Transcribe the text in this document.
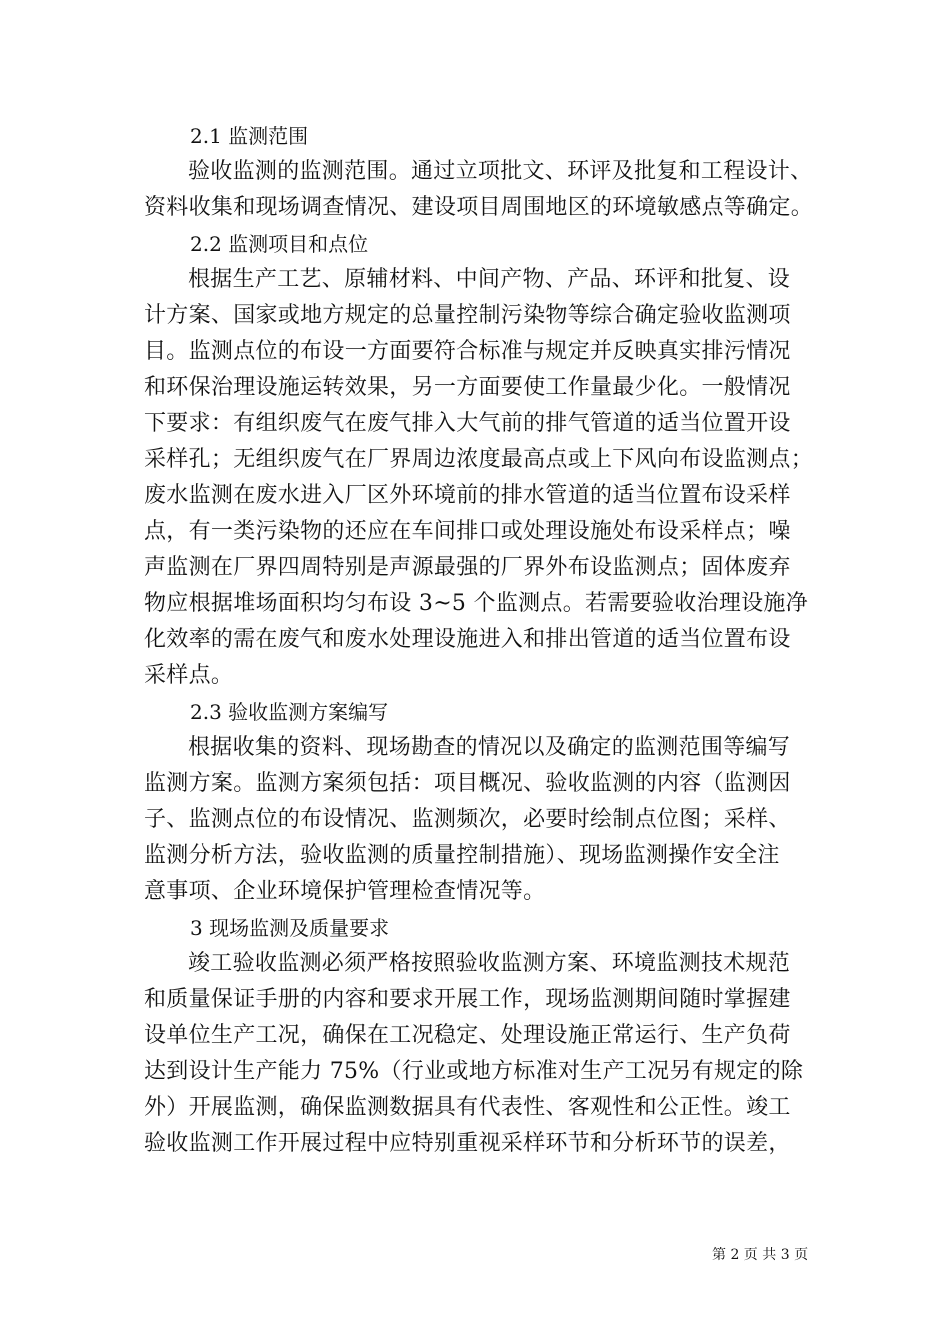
2.1 监测范围
验收监测的监测范围。通过立项批文、环评及批复和工程设计、
资料收集和现场调查情况、建设项目周围地区的环境敏感点等确定。
2.2 监测项目和点位
根据生产工艺、原辅材料、中间产物、产品、环评和批复、设
计方案、国家或地方规定的总量控制污染物等综合确定验收监测项
目。监测点位的布设一方面要符合标准与规定并反映真实排污情况
和环保治理设施运转效果，另一方面要使工作量最少化。一般情况
下要求：有组织废气在废气排入大气前的排气管道的适当位置开设
采样孔；无组织废气在厂界周边浓度最高点或上下风向布设监测点；
废水监测在废水进入厂区外环境前的排水管道的适当位置布设采样
点，有一类污染物的还应在车间排口或处理设施处布设采样点；噪
声监测在厂界四周特别是声源最强的厂界外布设监测点；固体废弃
物应根据堆场面积均匀布设 3~5 个监测点。若需要验收治理设施净
化效率的需在废气和废水处理设施进入和排出管道的适当位置布设
采样点。
2.3 验收监测方案编写
根据收集的资料、现场勘查的情况以及确定的监测范围等编写
监测方案。监测方案须包括：项目概况、验收监测的内容（监测因
子、监测点位的布设情况、监测频次，必要时绘制点位图；采样、
监测分析方法，验收监测的质量控制措施）、现场监测操作安全注
意事项、企业环境保护管理检查情况等。
3 现场监测及质量要求
竣工验收监测必须严格按照验收监测方案、环境监测技术规范
和质量保证手册的内容和要求开展工作，现场监测期间随时掌握建
设单位生产工况，确保在工况稳定、处理设施正常运行、生产负荷
达到设计生产能力 75%（行业或地方标准对生产工况另有规定的除
外）开展监测，确保监测数据具有代表性、客观性和公正性。竣工
验收监测工作开展过程中应特别重视采样环节和分析环节的误差，
第 2 页 共 3 页
